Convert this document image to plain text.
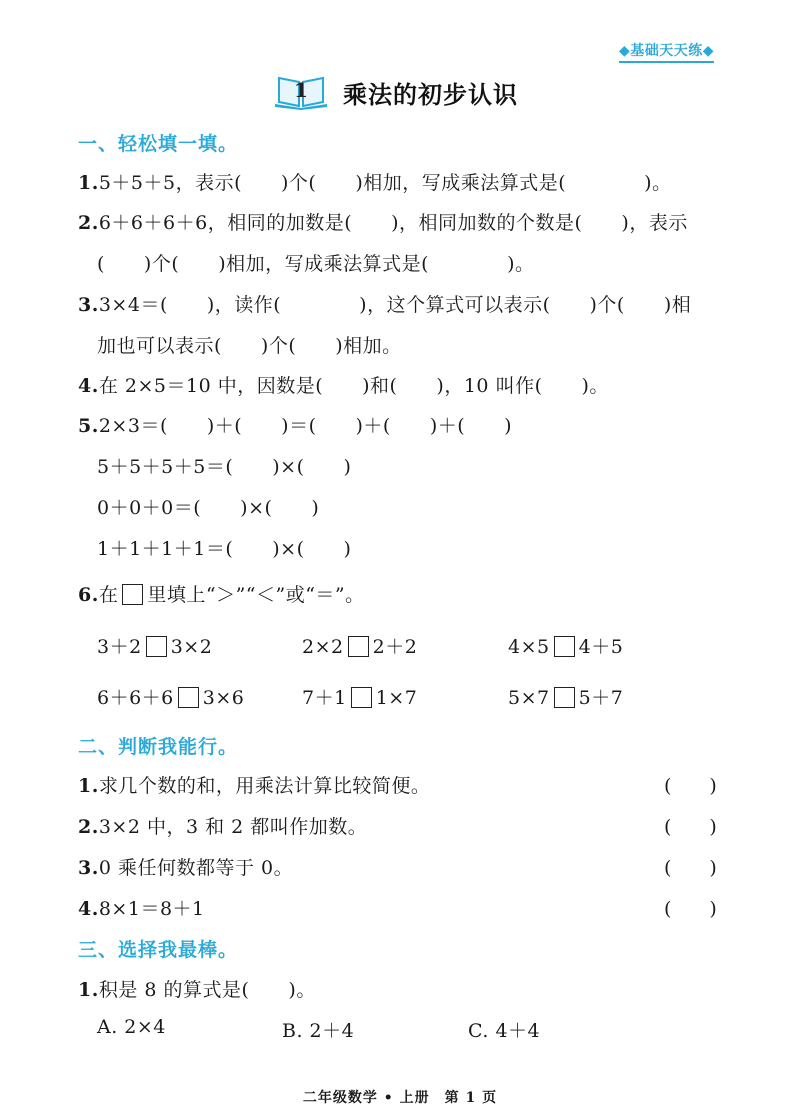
◆基础天天练◆
1	乘法的初步认识
一、轻松填一填。
1.5＋5＋5，表示(　　)个(　　)相加，写成乘法算式是(　　　　)。
2.6＋6＋6＋6，相同的加数是(　　)，相同加数的个数是(　　)，表示
(　　)个(　　)相加，写成乘法算式是(　　　　)。
3.3×4＝(　　)，读作(　　　　)，这个算式可以表示(　　)个(　　)相
加也可以表示(　　)个(　　)相加。
4.在 2×5＝10 中，因数是(　　)和(　　)，10 叫作(　　)。
5.2×3＝(　　)＋(　　)＝(　　)＋(　　)＋(　　)
5＋5＋5＋5＝(　　)×(　　)
0＋0＋0＝(　　)×(　　)
1＋1＋1＋1＝(　　)×(　　)
6.在 里填上“＞”“＜”或“＝”。
3＋2 3×2	2×2 2＋2	4×5 4＋5
6＋6＋6 3×6	7＋1 1×7	5×7 5＋7
二、判断我能行。
1.求几个数的和，用乘法计算比较简便。	(　　)
2.3×2 中，3 和 2 都叫作加数。	(　　)
3.0 乘任何数都等于 0。	(　　)
4.8×1＝8＋1	(　　)
三、选择我最棒。
1.积是 8 的算式是(　　)。
A. 2×4	B. 2＋4	C. 4＋4
二年级数学 • 上册　第 1 页
